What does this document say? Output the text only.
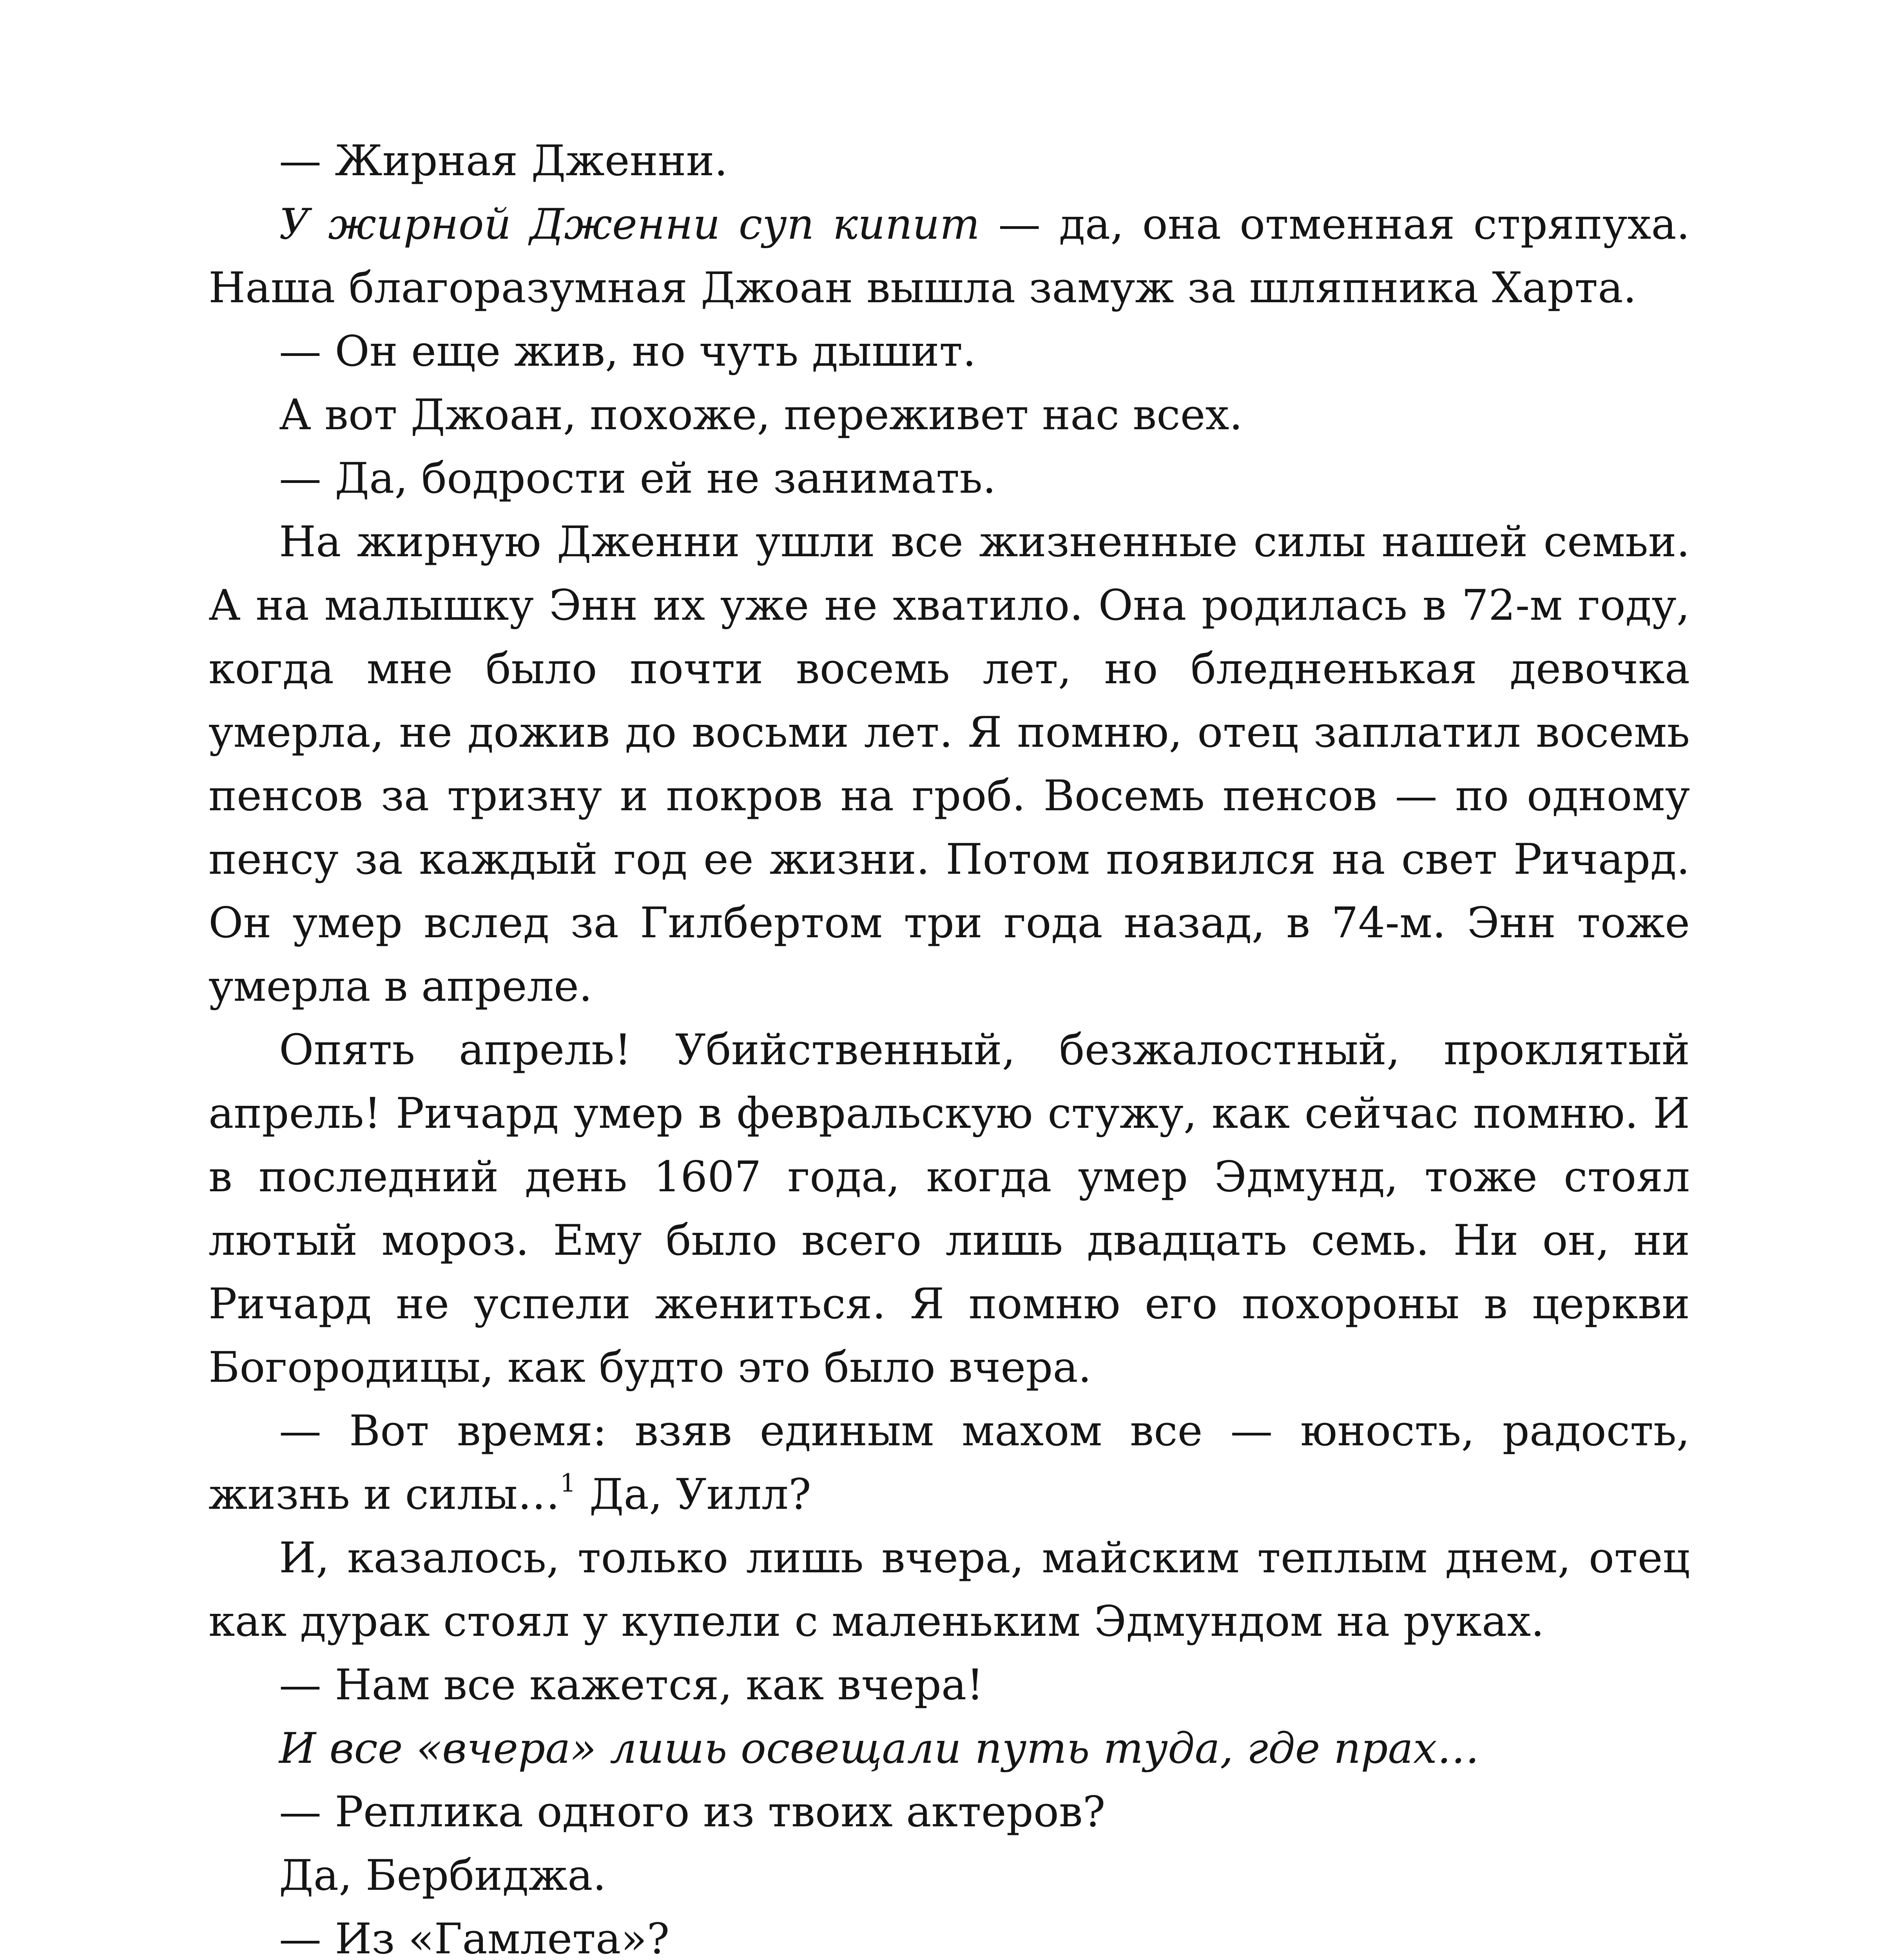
— Жирная Дженни.

У жирной Дженни суп кипит — да, она отменная стряпуха. Наша благоразумная Джоан вышла замуж за шляпника Харта.

— Он еще жив, но чуть дышит.

А вот Джоан, похоже, переживет нас всех.

— Да, бодрости ей не занимать.

На жирную Дженни ушли все жизненные силы нашей семьи. А на малышку Энн их уже не хватило. Она родилась в 72-м году, когда мне было почти восемь лет, но бледненькая девочка умерла, не дожив до восьми лет. Я помню, отец заплатил восемь пенсов за тризну и покров на гроб. Восемь пенсов — по одному пенсу за каждый год ее жизни. Потом появился на свет Ричард. Он умер вслед за Гилбертом три года назад, в 74-м. Энн тоже умерла в апреле.

Опять апрель! Убийственный, безжалостный, проклятый апрель! Ричард умер в февральскую стужу, как сейчас помню. И в последний день 1607 года, когда умер Эдмунд, тоже стоял лютый мороз. Ему было всего лишь двадцать семь. Ни он, ни Ричард не успели жениться. Я помню его похороны в церкви Богородицы, как будто это было вчера.

— Вот время: взяв единым махом все — юность, радость, жизнь и силы…$^1$ Да, Уилл?

И, казалось, только лишь вчера, майским теплым днем, отец как дурак стоял у купели с маленьким Эдмундом на руках.

— Нам все кажется, как вчера!

И все «вчера» лишь освещали путь туда, где прах…

— Реплика одного из твоих актеров?

Да, Бербиджа.

— Из «Гамлета»?
